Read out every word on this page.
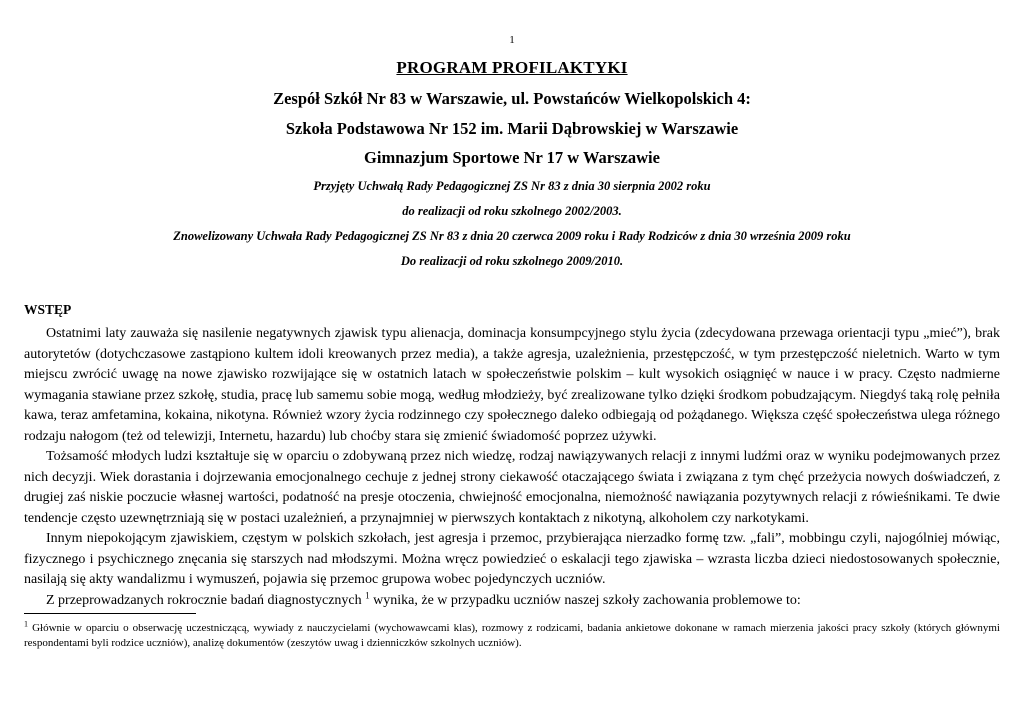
1
PROGRAM PROFILAKTYKI
Zespół Szkół Nr 83 w Warszawie, ul. Powstańców Wielkopolskich 4:
Szkoła Podstawowa Nr 152 im. Marii Dąbrowskiej w Warszawie
Gimnazjum Sportowe Nr 17 w Warszawie
Przyjęty Uchwałą Rady Pedagogicznej ZS Nr 83 z dnia 30 sierpnia 2002 roku
do realizacji od roku szkolnego 2002/2003.
Znowelizowany Uchwała Rady Pedagogicznej ZS Nr 83 z dnia 20 czerwca 2009 roku i Rady Rodziców z dnia 30 września 2009 roku
Do realizacji od roku szkolnego 2009/2010.
WSTĘP

Ostatnimi laty zauważa się nasilenie negatywnych zjawisk typu alienacja, dominacja konsumpcyjnego stylu życia (zdecydowana przewaga orientacji typu „mieć”), brak autorytetów (dotychczasowe zastąpiono kultem idoli kreowanych przez media), a także agresja, uzależnienia, przestępczość, w tym przestępczość nieletnich. Warto w tym miejscu zwrócić uwagę na nowe zjawisko rozwijające się w ostatnich latach w społeczeństwie polskim – kult wysokich osiągnięć w nauce i w pracy. Często nadmierne wymagania stawiane przez szkołę, studia, pracę lub samemu sobie mogą, według młodzieży, być zrealizowane tylko dzięki środkom pobudzającym. Niegdyś taką rolę pełniła kawa, teraz amfetamina, kokaina, nikotyna. Również wzory życia rodzinnego czy społecznego daleko odbiegają od pożądanego. Większa część społeczeństwa ulega różnego rodzaju nałogom (też od telewizji, Internetu, hazardu) lub choćby stara się zmienić świadomość poprzez używki.

Tożsamość młodych ludzi kształtuje się w oparciu o zdobywaną przez nich wiedzę, rodzaj nawiązywanych relacji z innymi ludźmi oraz w wyniku podejmowanych przez nich decyzji. Wiek dorastania i dojrzewania emocjonalnego cechuje z jednej strony ciekawość otaczającego świata i związana z tym chęć przeżycia nowych doświadczeń, z drugiej zaś niskie poczucie własnej wartości, podatność na presje otoczenia, chwiejność emocjonalna, niemożność nawiązania pozytywnych relacji z rówieśnikami. Te dwie tendencje często uzewnętrzniają się w postaci uzależnień, a przynajmniej w pierwszych kontaktach z nikotyną, alkoholem czy narkotykami.

Innym niepokojącym zjawiskiem, częstym w polskich szkołach, jest agresja i przemoc, przybierająca nierzadko formę tzw. „fali”, mobbingu czyli, najogólniej mówiąc, fizycznego i psychicznego znęcania się starszych nad młodszymi. Można wręcz powiedzieć o eskalacji tego zjawiska – wzrasta liczba dzieci niedostosowanych społecznie, nasilają się akty wandalizmu i wymuszeń, pojawia się przemoc grupowa wobec pojedynczych uczniów.

Z przeprowadzanych rokrocznie badań diagnostycznych $^1$ wynika, że w przypadku uczniów naszej szkoły zachowania problemowe to:

$^1$ Głównie w oparciu o obserwację uczestniczącą, wywiady z nauczycielami (wychowawcami klas), rozmowy z rodzicami, badania ankietowe dokonane w ramach mierzenia jakości pracy szkoły (których głównymi respondentami byli rodzice uczniów), analizę dokumentów (zeszytów uwag i dzienniczków szkolnych uczniów).
